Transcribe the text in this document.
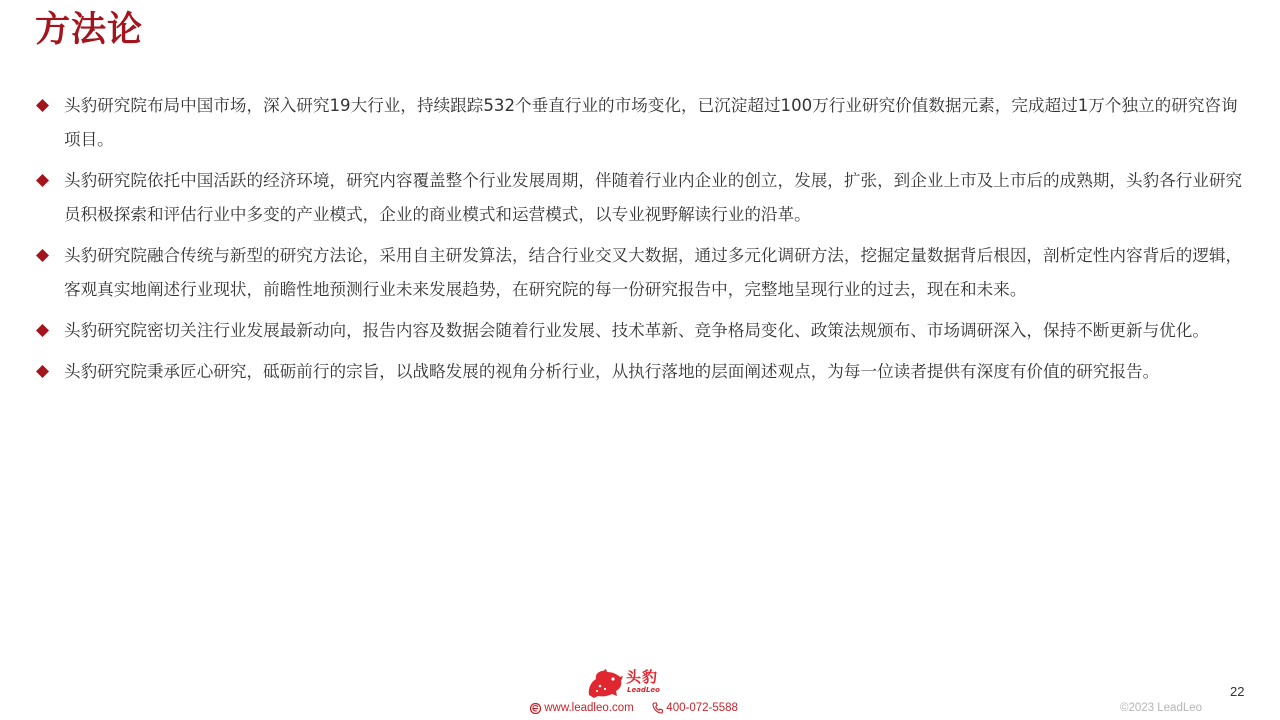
方法论
头豹研究院布局中国市场，深入研究19大行业，持续跟踪532个垂直行业的市场变化，已沉淀超过100万行业研究价值数据元素，完成超过1万个独立的研究咨询项目。
头豹研究院依托中国活跃的经济环境，研究内容覆盖整个行业发展周期，伴随着行业内企业的创立，发展，扩张，到企业上市及上市后的成熟期，头豹各行业研究员积极探索和评估行业中多变的产业模式，企业的商业模式和运营模式，以专业视野解读行业的沿革。
头豹研究院融合传统与新型的研究方法论，采用自主研发算法，结合行业交叉大数据，通过多元化调研方法，挖掘定量数据背后根因，剖析定性内容背后的逻辑，客观真实地阐述行业现状，前瞻性地预测行业未来发展趋势，在研究院的每一份研究报告中，完整地呈现行业的过去，现在和未来。
头豹研究院密切关注行业发展最新动向，报告内容及数据会随着行业发展、技术革新、竞争格局变化、政策法规颁布、市场调研深入，保持不断更新与优化。
头豹研究院秉承匠心研究，砥砺前行的宗旨，以战略发展的视角分析行业，从执行落地的层面阐述观点，为每一位读者提供有深度有价值的研究报告。
头豹
LeadLeo
www.leadleo.com	400-072-5588
22
©2023 LeadLeo
